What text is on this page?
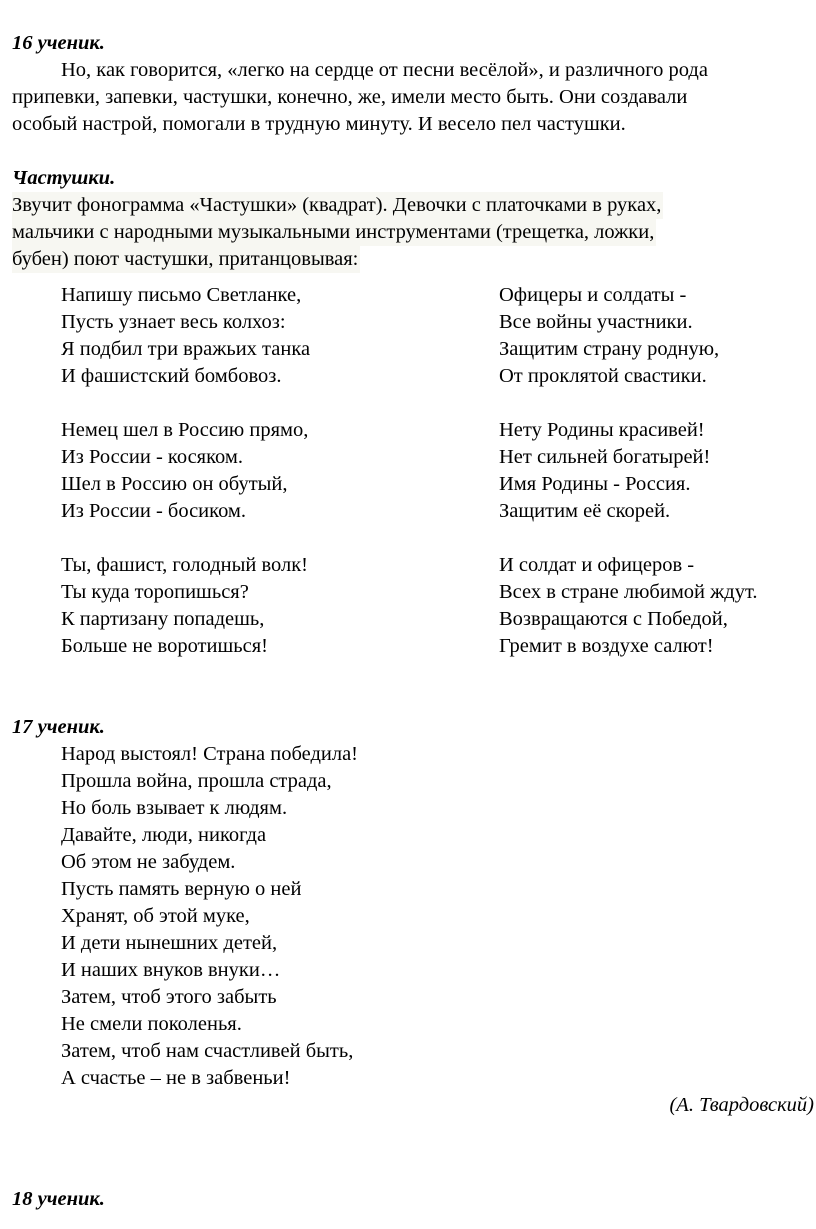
16 ученик.
Но, как говорится, «легко на сердце от песни весёлой», и различного рода
припевки, запевки, частушки, конечно, же, имели место быть. Они создавали
особый настрой, помогали в трудную минуту. И весело пел частушки.
Частушки.
Звучит фонограмма «Частушки» (квадрат). Девочки с платочками в руках,
мальчики с народными музыкальными инструментами (трещетка, ложки,
бубен) поют частушки, пританцовывая:
Напишу письмо Светланке,
Пусть узнает весь колхоз:
Я подбил три вражьих танка
И фашистский бомбовоз.
Немец шел в Россию прямо,
Из России - косяком.
Шел в Россию он обутый,
Из России - босиком.
Ты, фашист, голодный волк!
Ты куда торопишься?
К партизану попадешь,
Больше не воротишься!
Офицеры и солдаты -
Все войны участники.
Защитим страну родную,
От проклятой свастики.
Нету Родины красивей!
Нет сильней богатырей!
Имя Родины - Россия.
Защитим её скорей.
И солдат и офицеров -
Всех в стране любимой ждут.
Возвращаются с Победой,
Гремит в воздухе салют!
17 ученик.
Народ выстоял! Страна победила!
Прошла война, прошла страда,
Но боль взывает к людям.
Давайте, люди, никогда
Об этом не забудем.
Пусть память верную о ней
Хранят, об этой муке,
И дети нынешних детей,
И наших внуков внуки…
Затем, чтоб этого забыть
Не смели поколенья.
Затем, чтоб нам счастливей быть,
А счастье – не в забвеньи!
(А. Твардовский)
18 ученик.
